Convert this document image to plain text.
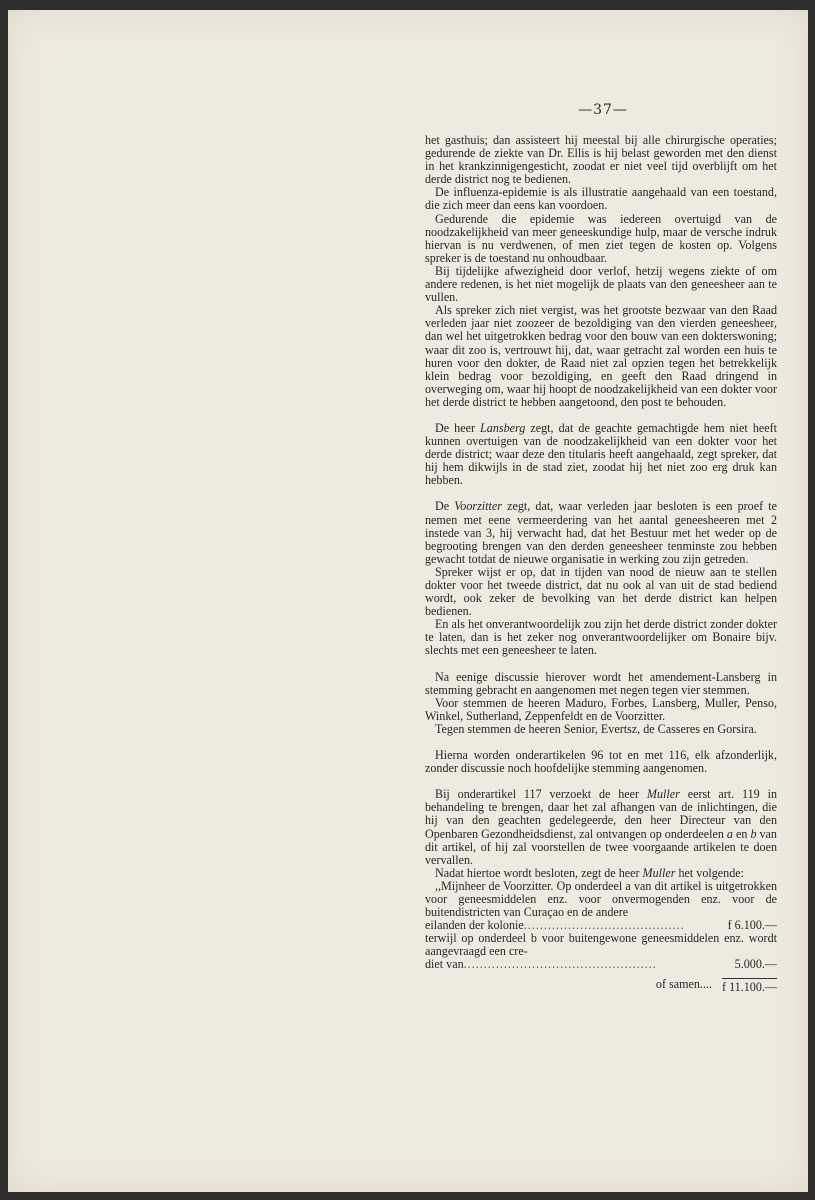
—37—

het gasthuis; dan assisteert hij meestal bij alle chirurgische operaties; gedurende de ziekte van Dr. Ellis is hij belast geworden met den dienst in het krankzinnigengesticht, zoodat er niet veel tijd overblijft om het derde district nog te bedienen.

De influenza-epidemie is als illustratie aangehaald van een toestand, die zich meer dan eens kan voordoen.

Gedurende die epidemie was iedereen overtuigd van de noodzakelijkheid van meer geneeskundige hulp, maar de versche indruk hiervan is nu verdwenen, of men ziet tegen de kosten op. Volgens spreker is de toestand nu onhoudbaar.

Bij tijdelijke afwezigheid door verlof, hetzij wegens ziekte of om andere redenen, is het niet mogelijk de plaats van den geneesheer aan te vullen.

Als spreker zich niet vergist, was het grootste bezwaar van den Raad verleden jaar niet zoozeer de bezoldiging van den vierden geneesheer, dan wel het uitgetrokken bedrag voor den bouw van een dokterswoning; waar dit zoo is, vertrouwt hij, dat, waar getracht zal worden een huis te huren voor den dokter, de Raad niet zal opzien tegen het betrekkelijk klein bedrag voor bezoldiging, en geeft den Raad dringend in overweging om, waar hij hoopt de noodzakelijkheid van een dokter voor het derde district te hebben aangetoond, den post te behouden.

De heer Lansberg zegt, dat de geachte gemachtigde hem niet heeft kunnen overtuigen van de noodzakelijkheid van een dokter voor het derde district; waar deze den titularis heeft aangehaald, zegt spreker, dat hij hem dikwijls in de stad ziet, zoodat hij het niet zoo erg druk kan hebben.

De Voorzitter zegt, dat, waar verleden jaar besloten is een proef te nemen met eene vermeerdering van het aantal geneesheeren met 2 instede van 3, hij verwacht had, dat het Bestuur met het weder op de begrooting brengen van den derden geneesheer tenminste zou hebben gewacht totdat de nieuwe organisatie in werking zou zijn getreden.

Spreker wijst er op, dat in tijden van nood de nieuw aan te stellen dokter voor het tweede district, dat nu ook al van uit de stad bediend wordt, ook zeker de bevolking van het derde district kan helpen bedienen.

En als het onverantwoordelijk zou zijn het derde district zonder dokter te laten, dan is het zeker nog onverantwoordelijker om Bonaire bijv. slechts met een geneesheer te laten.

Na eenige discussie hierover wordt het amendement-Lansberg in stemming gebracht en aangenomen met negen tegen vier stemmen.

Voor stemmen de heeren Maduro, Forbes, Lansberg, Muller, Penso, Winkel, Sutherland, Zeppenfeldt en de Voorzitter.

Tegen stemmen de heeren Senior, Evertsz, de Casseres en Gorsira.

Hierna worden onderartikelen 96 tot en met 116, elk afzonderlijk, zonder discussie noch hoofdelijke stemming aangenomen.

Bij onderartikel 117 verzoekt de heer Muller eerst art. 119 in behandeling te brengen, daar het zal afhangen van de inlichtingen, die hij van den geachten gedelegeerde, den heer Directeur van den Openbaren Gezondheidsdienst, zal ontvangen op onderdeelen a en b van dit artikel, of hij zal voorstellen de twee voorgaande artikelen te doen vervallen.

Nadat hiertoe wordt besloten, zegt de heer Muller het volgende:

,,Mijnheer de Voorzitter. Op onderdeel a van dit artikel is uitgetrokken voor geneesmiddelen enz. voor onvermogenden enz. voor de buitendistricten van Curaçao en de andere

eilanden der kolonie ........................................	f 6.100.—

terwijl op onderdeel b voor buitengewone geneesmiddelen enz. wordt aangevraagd een cre-

diet van ................................................	5.000.—
of samen.... f 11.100.—
